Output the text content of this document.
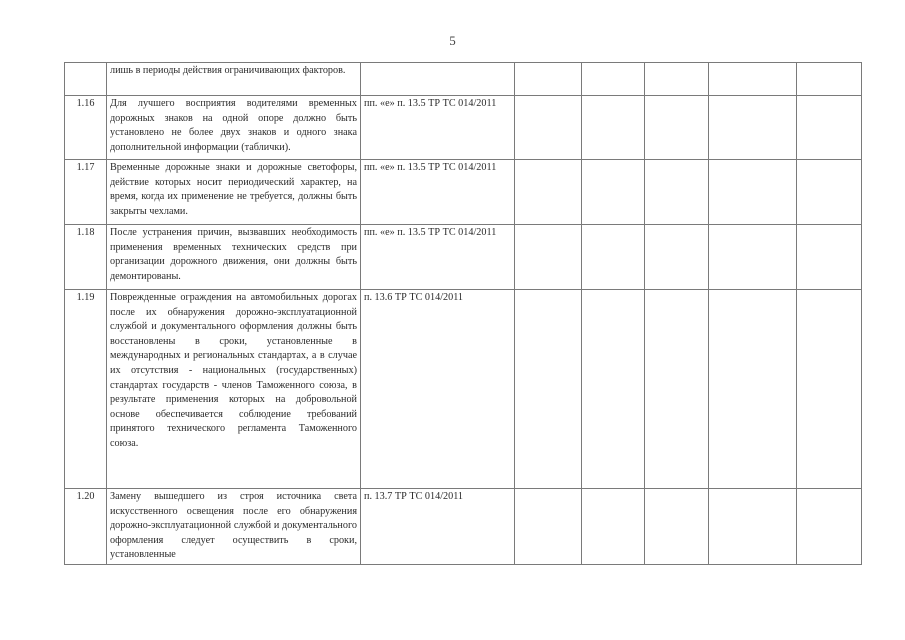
5
	лишь в периоды действия ограничивающих факторов.						
1.16	Для лучшего восприятия водителями временных дорожных знаков на одной опоре должно быть установлено не более двух знаков и одного знака дополнительной информации (таблички).	пп. «е» п. 13.5 ТР ТС 014/2011					
1.17	Временные дорожные знаки и дорожные светофоры, действие которых носит периодический характер, на время, когда их применение не требуется, должны быть закрыты чехлами.	пп. «е» п. 13.5 ТР ТС 014/2011					
1.18	После устранения причин, вызвавших необходимость применения временных технических средств при организации дорожного движения, они должны быть демонтированы.	пп. «е» п. 13.5 ТР ТС 014/2011					
1.19	Поврежденные ограждения на автомобильных дорогах после их обнаружения дорожно-эксплуатационной службой и документального оформления должны быть восстановлены в сроки, установленные в международных и региональных стандартах, а в случае их отсутствия - национальных (государственных) стандартах государств - членов Таможенного союза, в результате применения которых на добровольной основе обеспечивается соблюдение требований принятого технического регламента Таможенного союза.	п. 13.6 ТР ТС 014/2011					
1.20	Замену вышедшего из строя источника света искусственного освещения после его обнаружения дорожно-эксплуатационной службой и документального оформления следует осуществить в сроки, установленные	п. 13.7 ТР ТС 014/2011					
